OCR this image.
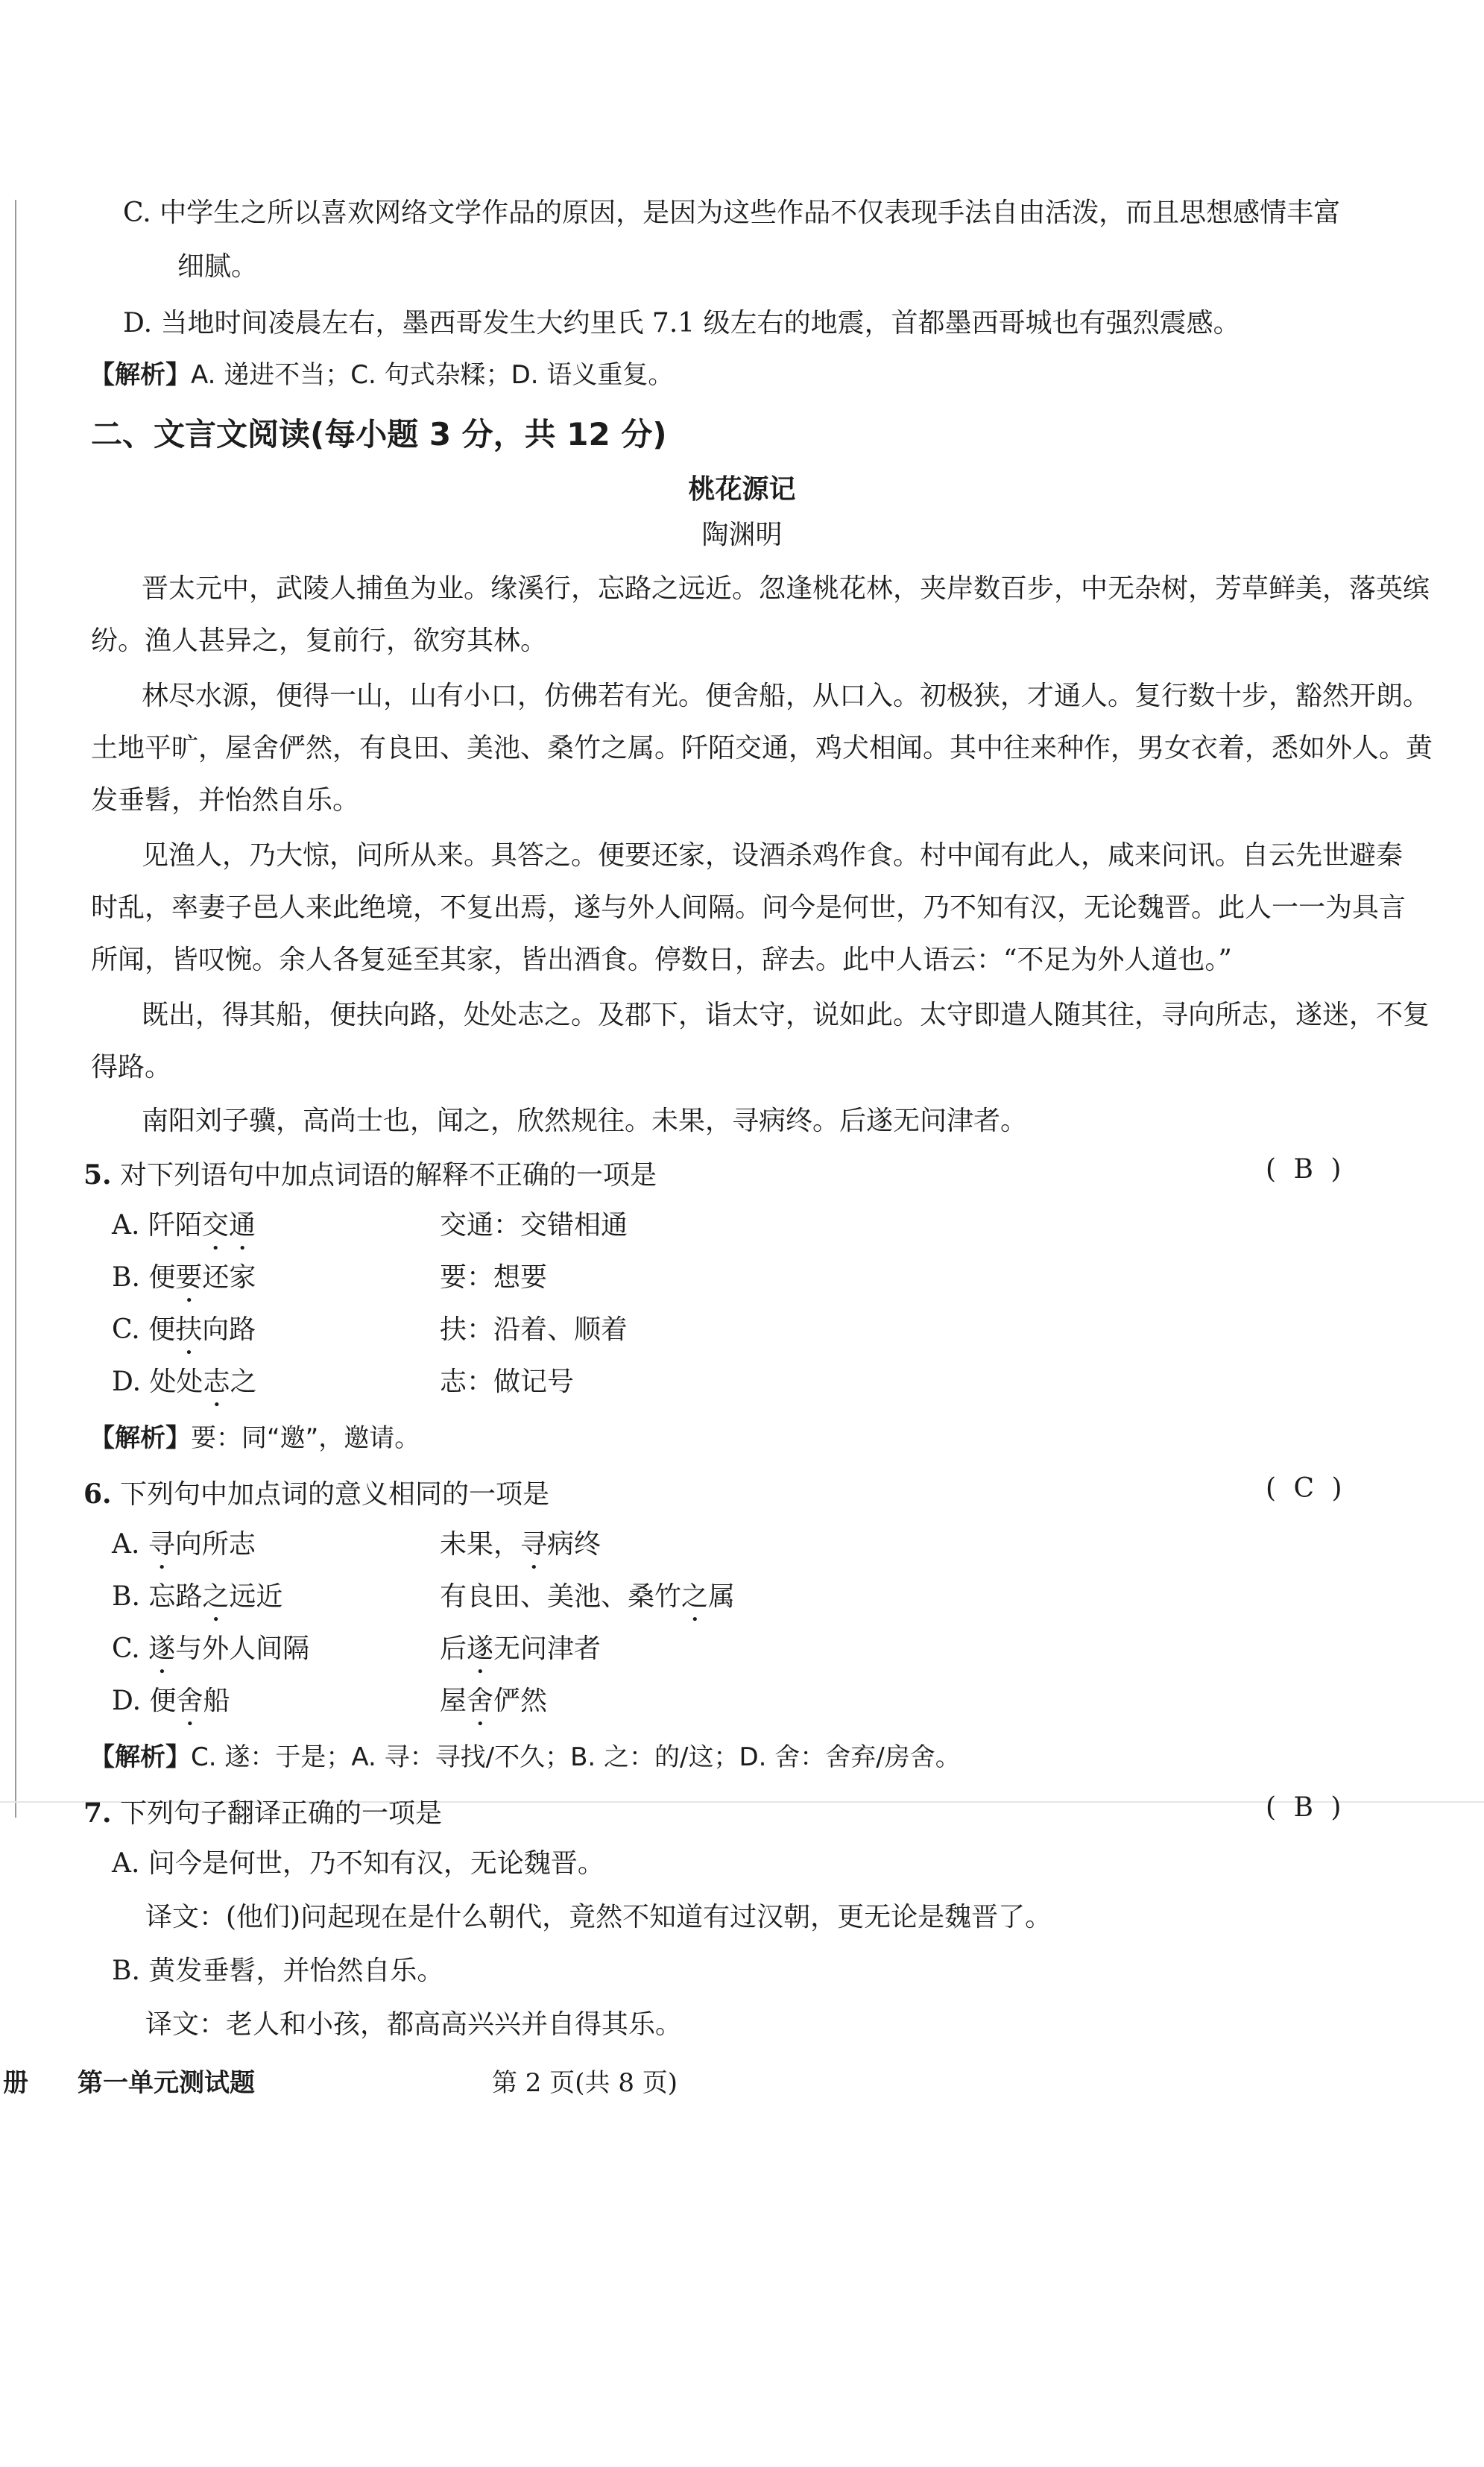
C. 中学生之所以喜欢网络文学作品的原因，是因为这些作品不仅表现手法自由活泼，而且思想感情丰富
细腻。
D. 当地时间凌晨左右，墨西哥发生大约里氏 7.1 级左右的地震，首都墨西哥城也有强烈震感。
【解析】A. 递进不当；C. 句式杂糅；D. 语义重复。
二、文言文阅读(每小题 3 分，共 12 分)
桃花源记
陶渊明
晋太元中，武陵人捕鱼为业。缘溪行，忘路之远近。忽逢桃花林，夹岸数百步，中无杂树，芳草鲜美，落英缤
纷。渔人甚异之，复前行，欲穷其林。
林尽水源，便得一山，山有小口，仿佛若有光。便舍船，从口入。初极狭，才通人。复行数十步，豁然开朗。
土地平旷，屋舍俨然，有良田、美池、桑竹之属。阡陌交通，鸡犬相闻。其中往来种作，男女衣着，悉如外人。黄
发垂髫，并怡然自乐。
见渔人，乃大惊，问所从来。具答之。便要还家，设酒杀鸡作食。村中闻有此人，咸来问讯。自云先世避秦
时乱，率妻子邑人来此绝境，不复出焉，遂与外人间隔。问今是何世，乃不知有汉，无论魏晋。此人一一为具言
所闻，皆叹惋。余人各复延至其家，皆出酒食。停数日，辞去。此中人语云：“不足为外人道也。”
既出，得其船，便扶向路，处处志之。及郡下，诣太守，说如此。太守即遣人随其往，寻向所志，遂迷，不复
得路。
南阳刘子骥，高尚士也，闻之，欣然规往。未果，寻病终。后遂无问津者。
5. 对下列语句中加点词语的解释不正确的一项是	( B )
A. 阡陌交通	交通：交错相通
B. 便要还家	要：想要
C. 便扶向路	扶：沿着、顺着
D. 处处志之	志：做记号
【解析】要：同“邀”，邀请。
6. 下列句中加点词的意义相同的一项是	( C )
A. 寻向所志	未果，寻病终
B. 忘路之远近	有良田、美池、桑竹之属
C. 遂与外人间隔	后遂无问津者
D. 便舍船	屋舍俨然
【解析】C. 遂：于是；A. 寻：寻找/不久；B. 之：的/这；D. 舍：舍弃/房舍。
7. 下列句子翻译正确的一项是	( B )
A. 问今是何世，乃不知有汉，无论魏晋。
译文：(他们)问起现在是什么朝代，竟然不知道有过汉朝，更无论是魏晋了。
B. 黄发垂髫，并怡然自乐。
译文：老人和小孩，都高高兴兴并自得其乐。
册 第一单元测试题	第 2 页(共 8 页)
